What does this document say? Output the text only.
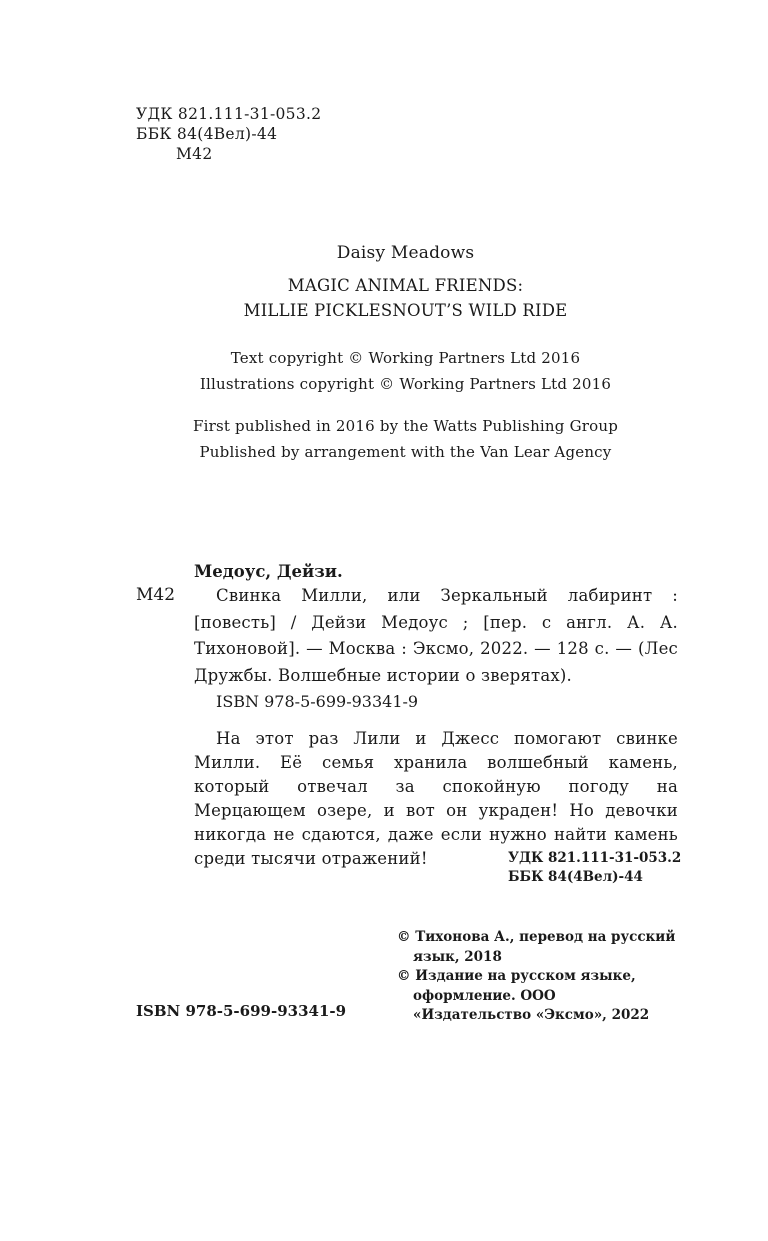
УДК 821.111-31-053.2
ББК 84(4Вел)-44
М42
Daisy Meadows
MAGIC ANIMAL FRIENDS:
MILLIE PICKLESNOUT’S WILD RIDE
Text copyright © Working Partners Ltd 2016
Illustrations copyright © Working Partners Ltd 2016
First published in 2016 by the Watts Publishing Group
Published by arrangement with the Van Lear Agency
Медоус, Дейзи.
М42	Свинка Милли, или Зеркальный лабиринт : [повесть] / Дейзи Медоус ; [пер. с англ. А. А. Тихоновой]. — Москва : Эксмо, 2022. — 128 с. — (Лес Дружбы. Волшебные истории о зверятах).
ISBN 978-5-699-93341-9
На этот раз Лили и Джесс помогают свинке Милли. Её семья хранила волшебный камень, который отвечал за спокойную погоду на Мерцающем озере, и вот он украден! Но девочки никогда не сдаются, даже если нужно найти камень среди тысячи отражений!	УДК 821.111-31-053.2
ББК 84(4Вел)-44
ISBN 978-5-699-93341-9
© Тихонова А., перевод на русский язык, 2018
© Издание на русском языке, оформление. ООО «Издательство «Эксмо», 2022
